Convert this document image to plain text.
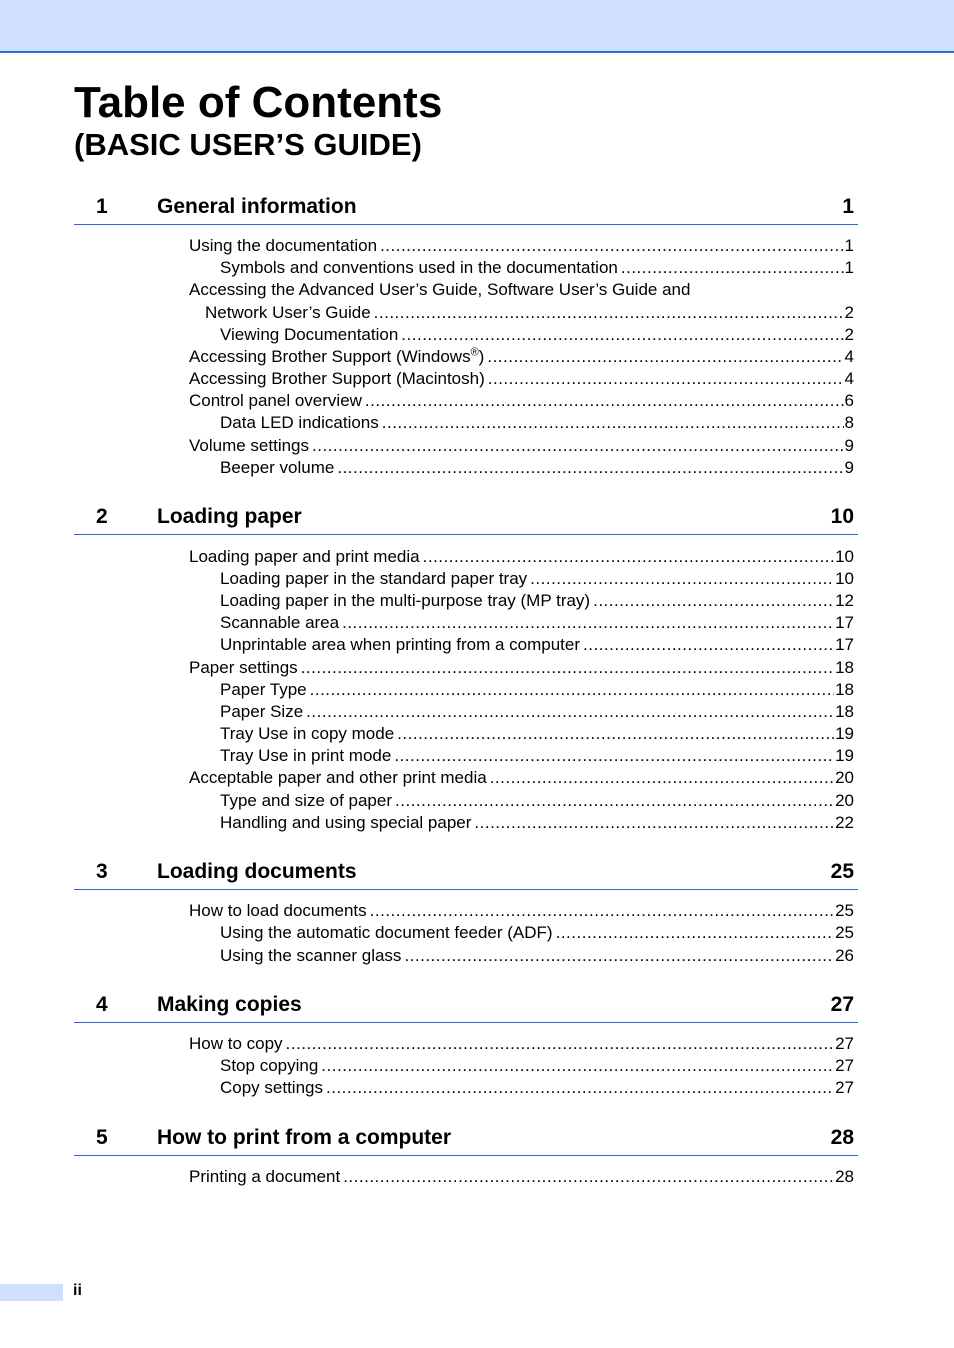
Table of Contents
(BASIC USER’S GUIDE)
1 General information	1
Using the documentation .....	1
Symbols and conventions used in the documentation .....	1
Accessing the Advanced User’s Guide, Software User’s Guide and
Network User’s Guide .....	2
Viewing Documentation .....	2
Accessing Brother Support (Windows®) .....	4
Accessing Brother Support (Macintosh) .....	4
Control panel overview .....	6
Data LED indications .....	8
Volume settings .....	9
Beeper volume .....	9
2 Loading paper	10
Loading paper and print media .....	10
Loading paper in the standard paper tray .....	10
Loading paper in the multi-purpose tray (MP tray) .....	12
Scannable area .....	17
Unprintable area when printing from a computer .....	17
Paper settings .....	18
Paper Type .....	18
Paper Size .....	18
Tray Use in copy mode .....	19
Tray Use in print mode .....	19
Acceptable paper and other print media .....	20
Type and size of paper .....	20
Handling and using special paper .....	22
3 Loading documents	25
How to load documents .....	25
Using the automatic document feeder (ADF) .....	25
Using the scanner glass .....	26
4 Making copies	27
How to copy .....	27
Stop copying .....	27
Copy settings .....	27
5 How to print from a computer	28
Printing a document .....	28
ii
